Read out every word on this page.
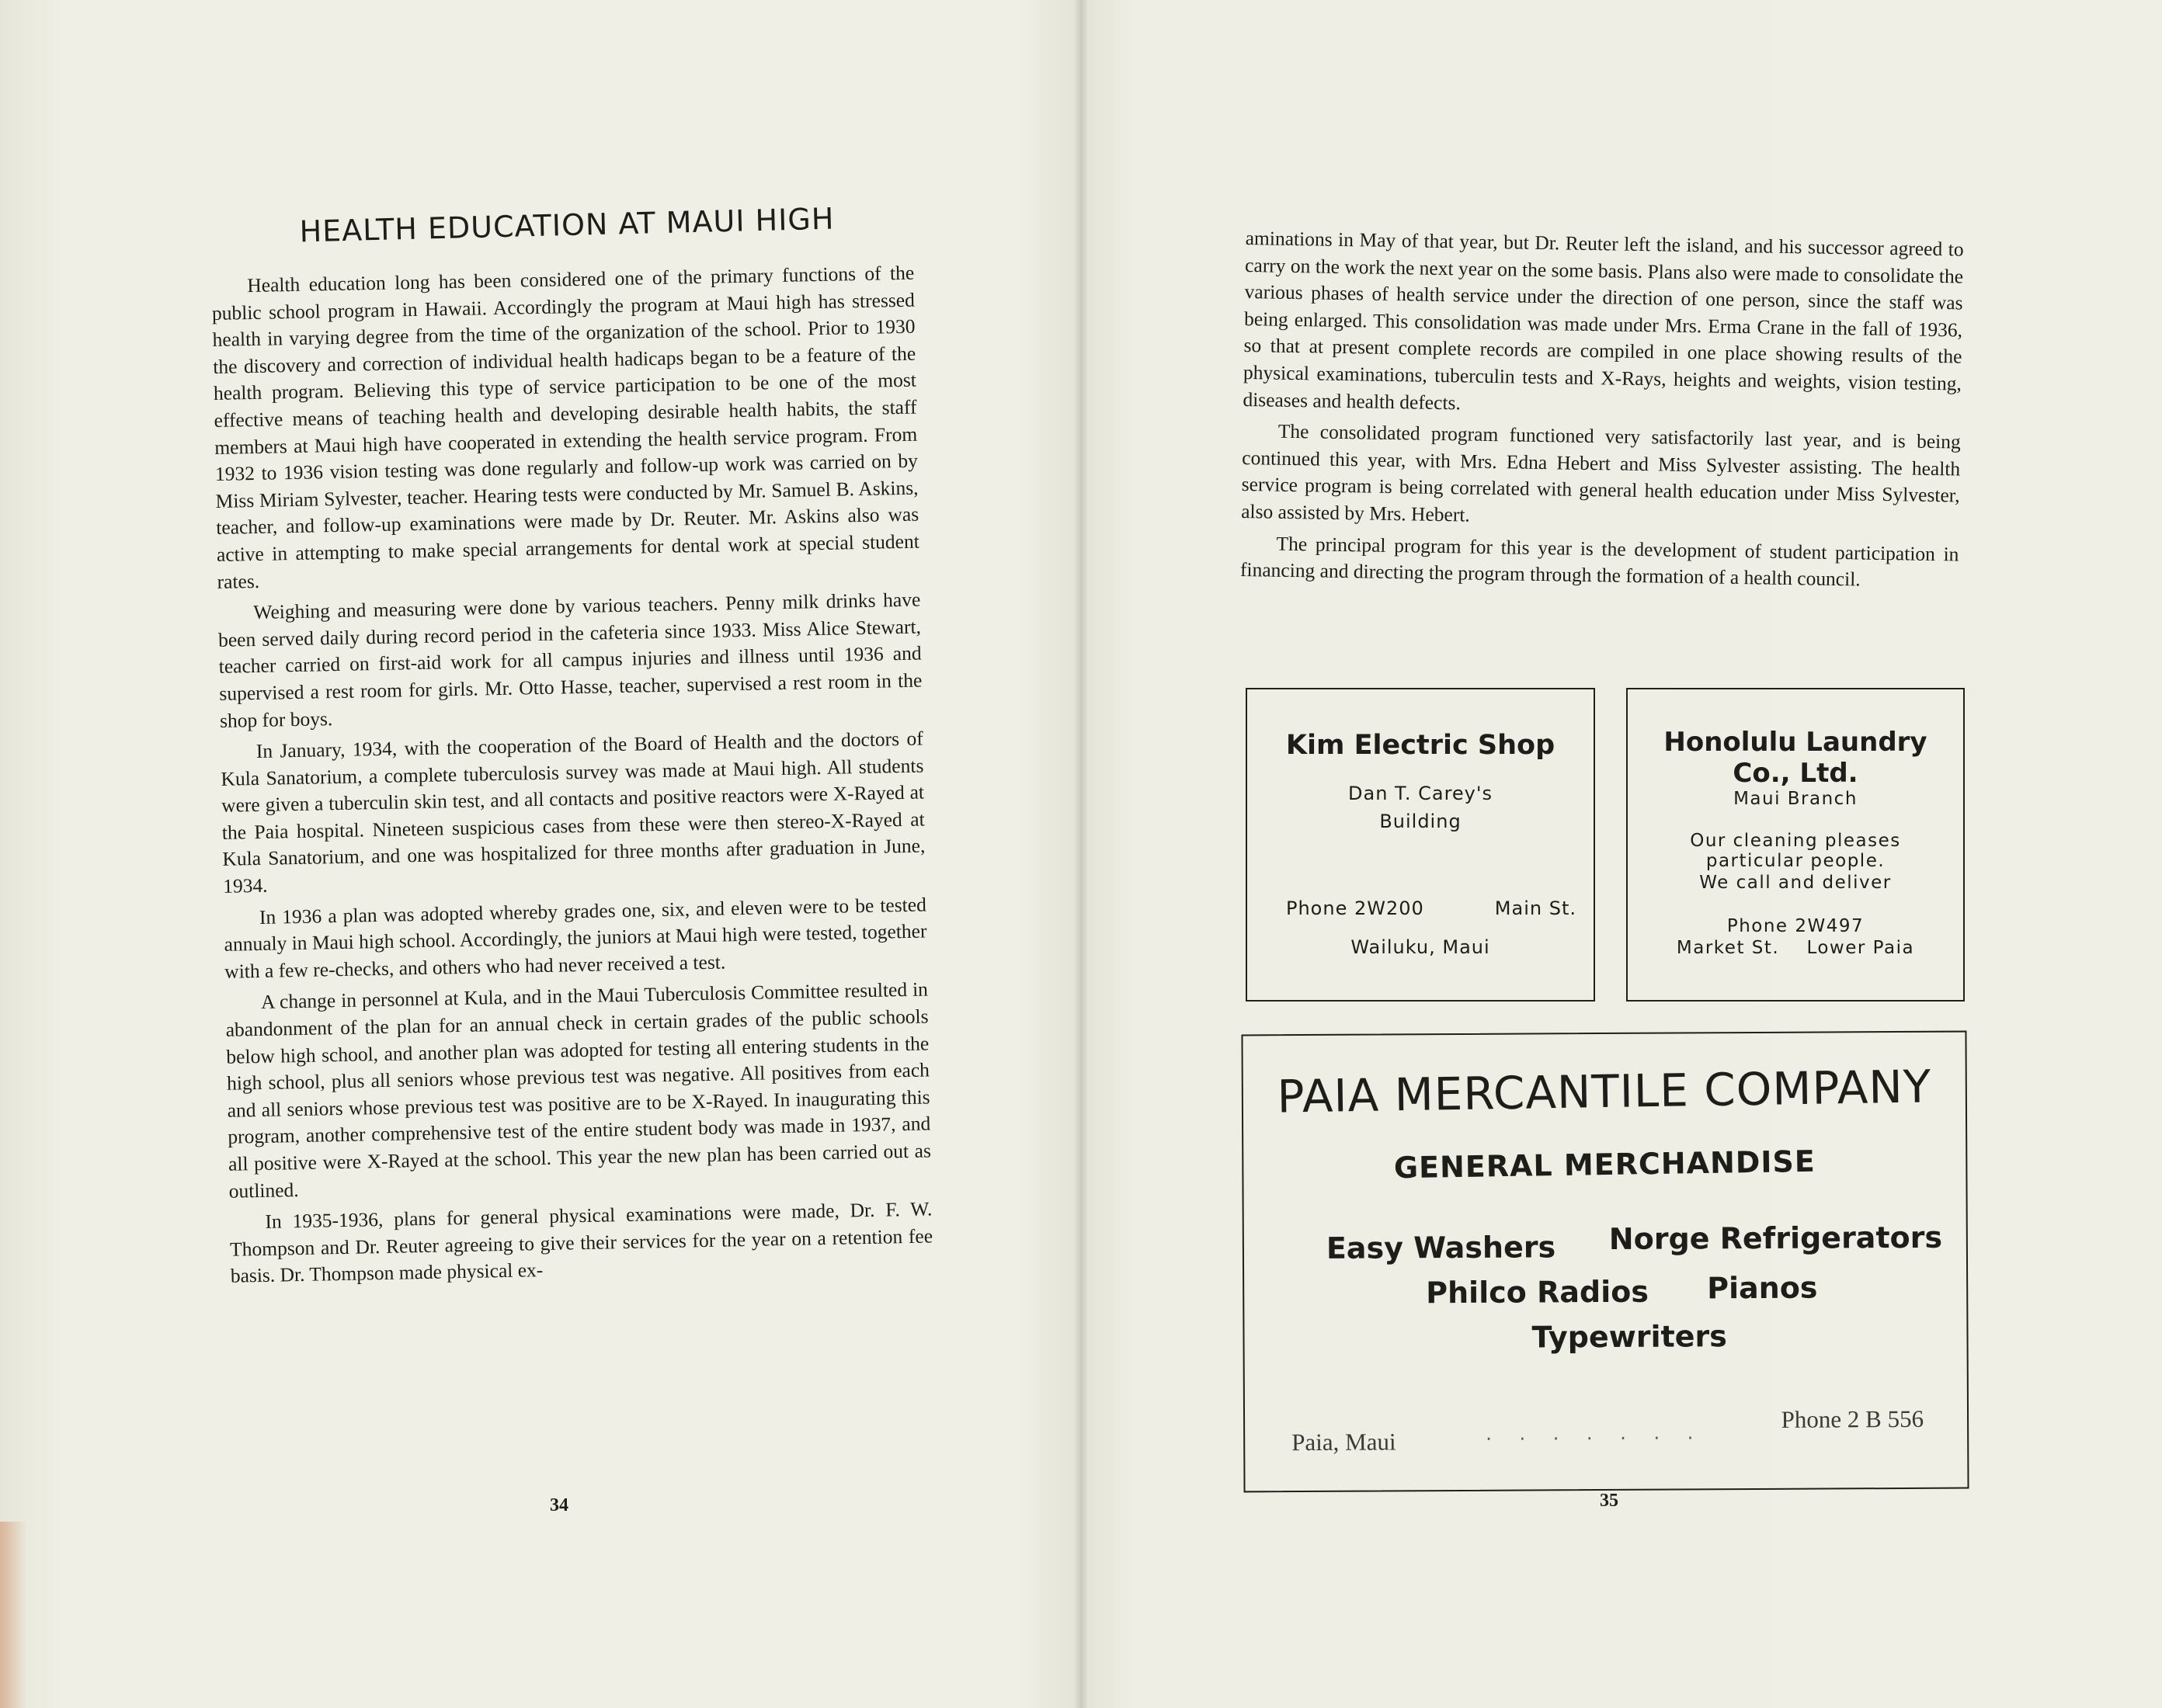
HEALTH EDUCATION AT MAUI HIGH

Health education long has been considered one of the primary functions of the public school program in Hawaii. Accordingly the program at Maui high has stressed health in varying degree from the time of the organization of the school. Prior to 1930 the discovery and correction of individual health hadicaps began to be a feature of the health program. Believing this type of service participation to be one of the most effective means of teaching health and developing desirable health habits, the staff members at Maui high have cooperated in extending the health service program. From 1932 to 1936 vision testing was done regularly and follow-up work was carried on by Miss Miriam Sylvester, teacher. Hearing tests were conducted by Mr. Samuel B. Askins, teacher, and follow-up examinations were made by Dr. Reuter. Mr. Askins also was active in attempting to make special arrangements for dental work at special student rates.

Weighing and measuring were done by various teachers. Penny milk drinks have been served daily during record period in the cafeteria since 1933. Miss Alice Stewart, teacher carried on first-aid work for all campus injuries and illness until 1936 and supervised a rest room for girls. Mr. Otto Hasse, teacher, supervised a rest room in the shop for boys.

In January, 1934, with the cooperation of the Board of Health and the doctors of Kula Sanatorium, a complete tuberculosis survey was made at Maui high. All students were given a tuberculin skin test, and all contacts and positive reactors were X-Rayed at the Paia hospital. Nineteen suspicious cases from these were then stereo-X-Rayed at Kula Sanatorium, and one was hospitalized for three months after graduation in June, 1934.

In 1936 a plan was adopted whereby grades one, six, and eleven were to be tested annualy in Maui high school. Accordingly, the juniors at Maui high were tested, together with a few re-checks, and others who had never received a test.

A change in personnel at Kula, and in the Maui Tuberculosis Committee resulted in abandonment of the plan for an annual check in certain grades of the public schools below high school, and another plan was adopted for testing all entering students in the high school, plus all seniors whose previous test was negative. All positives from each and all seniors whose previous test was positive are to be X-Rayed. In inaugurating this program, another comprehensive test of the entire student body was made in 1937, and all positive were X-Rayed at the school. This year the new plan has been carried out as outlined.

In 1935-1936, plans for general physical examinations were made, Dr. F. W. Thompson and Dr. Reuter agreeing to give their services for the year on a retention fee basis. Dr. Thompson made physical ex-

34

aminations in May of that year, but Dr. Reuter left the island, and his successor agreed to carry on the work the next year on the some basis. Plans also were made to consolidate the various phases of health service under the direction of one person, since the staff was being enlarged. This consolidation was made under Mrs. Erma Crane in the fall of 1936, so that at present complete records are compiled in one place showing results of the physical examinations, tuberculin tests and X-Rays, heights and weights, vision testing, diseases and health defects.

The consolidated program functioned very satisfactorily last year, and is being continued this year, with Mrs. Edna Hebert and Miss Sylvester assisting. The health service program is being correlated with general health education under Miss Sylvester, also assisted by Mrs. Hebert.

The principal program for this year is the development of student participation in financing and directing the program through the formation of a health council.

Kim Electric Shop
Dan T. Carey's
Building
Phone 2W200	Main St.
Wailuku, Maui
Honolulu Laundry
Co., Ltd.
Maui Branch
Our cleaning pleases
particular people.
We call and deliver
Phone 2W497
Market St.    Lower Paia
PAIA MERCANTILE COMPANY
GENERAL MERCHANDISE
Easy Washers Norge Refrigerators
Philco Radios Pianos
Typewriters
. . . . . . .
Paia, Maui
Phone 2 B 556
35
